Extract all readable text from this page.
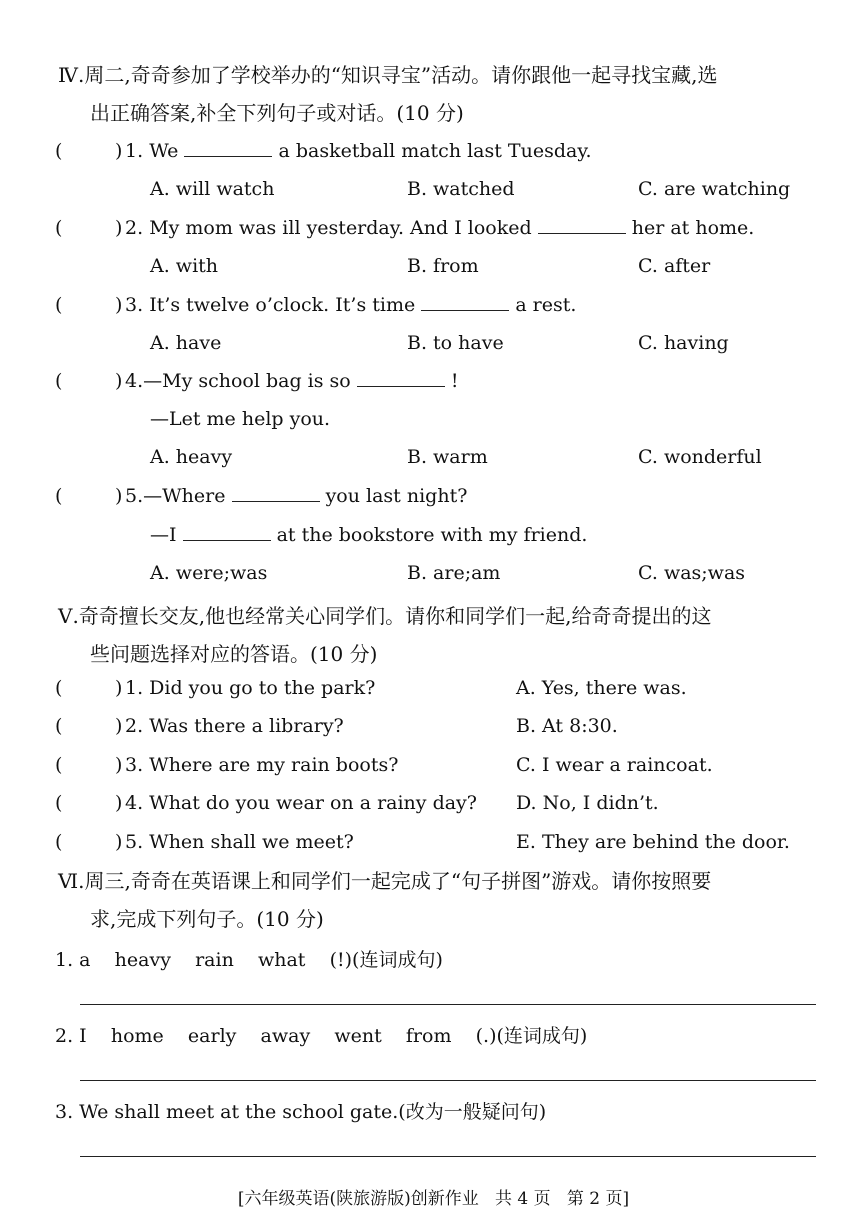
Ⅳ.周二,奇奇参加了学校举办的“知识寻宝”活动。请你跟他一起寻找宝藏,选
出正确答案,补全下列句子或对话。(10 分)
(	) 1. We	a basketball match last Tuesday.
A. will watch	B. watched	C. are watching
(	) 2. My mom was ill yesterday. And I looked	her at home.
A. with	B. from	C. after
(	) 3. It’s twelve o’clock. It’s time	a rest.
A. have	B. to have	C. having
(	) 4.—My school bag is so	!
—Let me help you.
A. heavy	B. warm	C. wonderful
(	) 5.—Where	you last night?
—I	at the bookstore with my friend.
A. were;was	B. are;am	C. was;was
Ⅴ.奇奇擅长交友,他也经常关心同学们。请你和同学们一起,给奇奇提出的这
些问题选择对应的答语。(10 分)
(	) 1. Did you go to the park?	A. Yes, there was.
(	) 2. Was there a library?	B. At 8:30.
(	) 3. Where are my rain boots?	C. I wear a raincoat.
(	) 4. What do you wear on a rainy day? D. No, I didn’t.
(	) 5. When shall we meet?	E. They are behind the door.
Ⅵ.周三,奇奇在英语课上和同学们一起完成了“句子拼图”游戏。请你按照要
求,完成下列句子。(10 分)
1. a    heavy    rain    what    (!)(连词成句)
2. I    home    early    away    went    from    (.)(连词成句)
3. We shall meet at the school gate.(改为一般疑问句)
[六年级英语(陕旅游版)创新作业   共 4 页   第 2 页]
